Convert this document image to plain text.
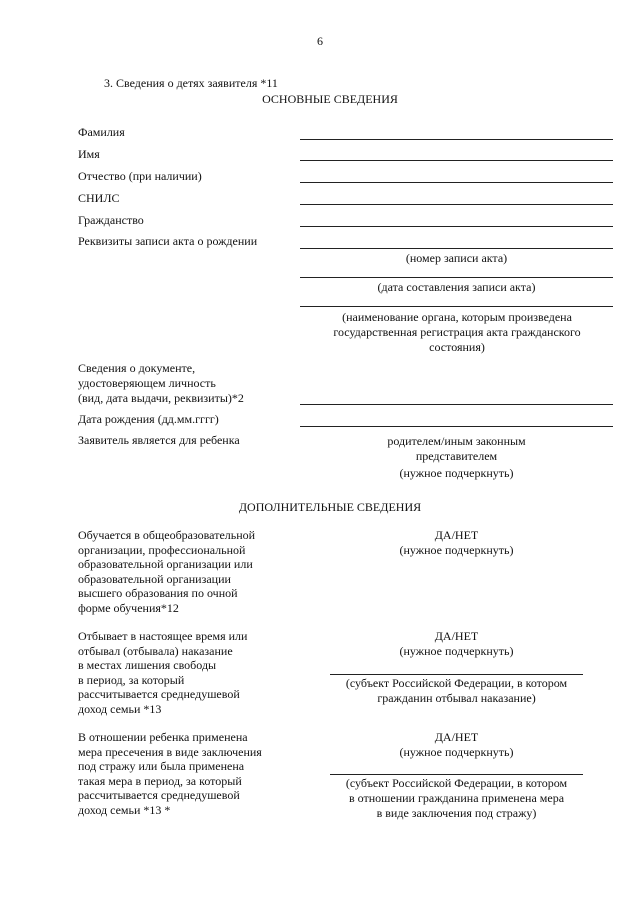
6
3. Сведения о детях заявителя *11
ОСНОВНЫЕ СВЕДЕНИЯ
Фамилия
Имя
Отчество (при наличии)
СНИЛС
Гражданство
Реквизиты записи акта о рождении
(номер записи акта)
(дата составления записи акта)
(наименование органа, которым произведена государственная регистрация акта гражданского состояния)
Сведения о документе,
удостоверяющем личность
(вид, дата выдачи, реквизиты)*2
Дата рождения (дд.мм.гггг)
Заявитель является для ребенка	родителем/иным законным
представителем
(нужное подчеркнуть)
ДОПОЛНИТЕЛЬНЫЕ СВЕДЕНИЯ
Обучается в общеобразовательной
организации, профессиональной
образовательной организации или
образовательной организации
высшего образования по очной
форме обучения*12
ДА/НЕТ
(нужное подчеркнуть)
Отбывает в настоящее время или
отбывал (отбывала) наказание
в местах лишения свободы
в период, за который
рассчитывается среднедушевой
доход семьи *13
ДА/НЕТ
(нужное подчеркнуть)
(субъект Российской Федерации, в котором
гражданин отбывал наказание)
В отношении ребенка применена
мера пресечения в виде заключения
под стражу или была применена
такая мера в период, за который
рассчитывается среднедушевой
доход семьи *13 *
ДА/НЕТ
(нужное подчеркнуть)
(субъект Российской Федерации, в котором
в отношении гражданина применена мера
в виде заключения под стражу)
